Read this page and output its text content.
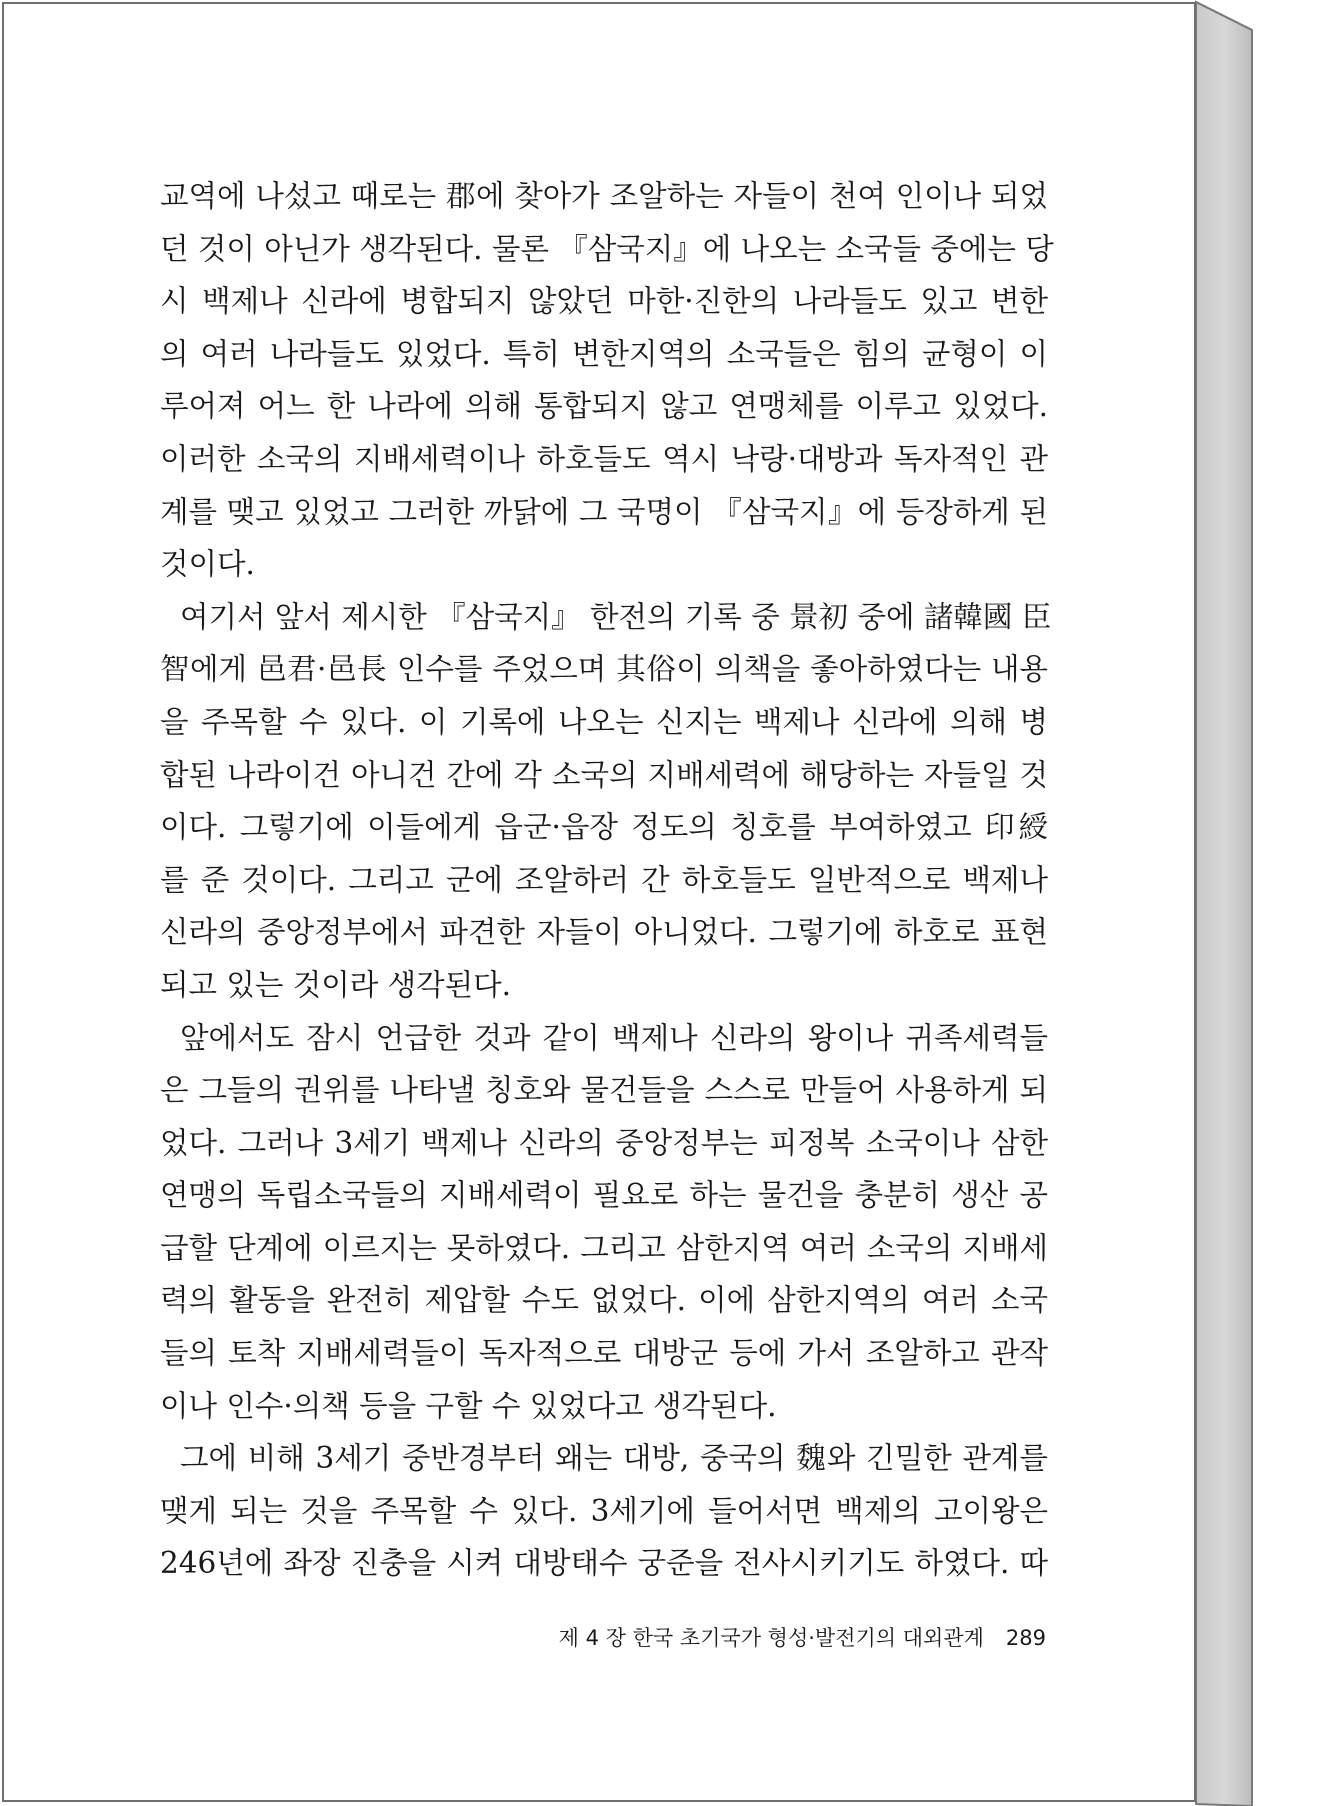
교역에 나섰고 때로는 郡에 찾아가 조알하는 자들이 천여 인이나 되었
던 것이 아닌가 생각된다. 물론 『삼국지』에 나오는 소국들 중에는 당
시 백제나 신라에 병합되지 않았던 마한·진한의 나라들도 있고 변한
의 여러 나라들도 있었다. 특히 변한지역의 소국들은 힘의 균형이 이
루어져 어느 한 나라에 의해 통합되지 않고 연맹체를 이루고 있었다.
이러한 소국의 지배세력이나 하호들도 역시 낙랑·대방과 독자적인 관
계를 맺고 있었고 그러한 까닭에 그 국명이 『삼국지』에 등장하게 된
것이다.
여기서 앞서 제시한 『삼국지』 한전의 기록 중 景初 중에 諸韓國 臣
智에게 邑君·邑長 인수를 주었으며 其俗이 의책을 좋아하였다는 내용
을 주목할 수 있다. 이 기록에 나오는 신지는 백제나 신라에 의해 병
합된 나라이건 아니건 간에 각 소국의 지배세력에 해당하는 자들일 것
이다. 그렇기에 이들에게 읍군·읍장 정도의 칭호를 부여하였고 印綬
를 준 것이다. 그리고 군에 조알하러 간 하호들도 일반적으로 백제나
신라의 중앙정부에서 파견한 자들이 아니었다. 그렇기에 하호로 표현
되고 있는 것이라 생각된다.
앞에서도 잠시 언급한 것과 같이 백제나 신라의 왕이나 귀족세력들
은 그들의 권위를 나타낼 칭호와 물건들을 스스로 만들어 사용하게 되
었다. 그러나 3세기 백제나 신라의 중앙정부는 피정복 소국이나 삼한
연맹의 독립소국들의 지배세력이 필요로 하는 물건을 충분히 생산 공
급할 단계에 이르지는 못하였다. 그리고 삼한지역 여러 소국의 지배세
력의 활동을 완전히 제압할 수도 없었다. 이에 삼한지역의 여러 소국
들의 토착 지배세력들이 독자적으로 대방군 등에 가서 조알하고 관작
이나 인수·의책 등을 구할 수 있었다고 생각된다.
그에 비해 3세기 중반경부터 왜는 대방, 중국의 魏와 긴밀한 관계를
맺게 되는 것을 주목할 수 있다. 3세기에 들어서면 백제의 고이왕은
246년에 좌장 진충을 시켜 대방태수 궁준을 전사시키기도 하였다. 따
제 4 장 한국 초기국가 형성·발전기의 대외관계 289
